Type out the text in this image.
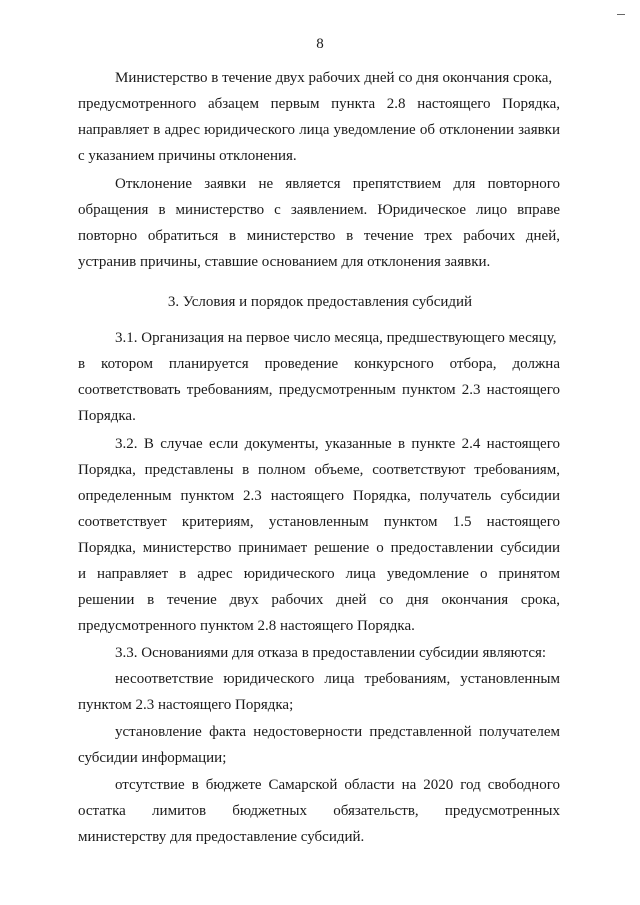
8
Министерство в течение двух рабочих дней со дня окончания срока,
предусмотренного абзацем первым пункта 2.8 настоящего Порядка,
направляет в адрес юридического лица уведомление об отклонении заявки
с указанием причины отклонения.
Отклонение заявки не является препятствием для повторного
обращения в министерство с заявлением. Юридическое лицо вправе
повторно обратиться в министерство в течение трех рабочих дней,
устранив причины, ставшие основанием для отклонения заявки.
3. Условия и порядок предоставления субсидий
3.1. Организация на первое число месяца, предшествующего месяцу,
в котором планируется проведение конкурсного отбора, должна
соответствовать требованиям, предусмотренным пунктом 2.3 настоящего
Порядка.
3.2. В случае если документы, указанные в пункте 2.4 настоящего
Порядка, представлены в полном объеме, соответствуют требованиям,
определенным пунктом 2.3 настоящего Порядка, получатель субсидии
соответствует критериям, установленным пунктом 1.5 настоящего
Порядка, министерство принимает решение о предоставлении субсидии
и направляет в адрес юридического лица уведомление о принятом
решении в течение двух рабочих дней со дня окончания срока,
предусмотренного пунктом 2.8 настоящего Порядка.
3.3. Основаниями для отказа в предоставлении субсидии являются:
несоответствие юридического лица требованиям, установленным
пунктом 2.3 настоящего Порядка;
установление факта недостоверности представленной получателем
субсидии информации;
отсутствие в бюджете Самарской области на 2020 год свободного
остатка лимитов бюджетных обязательств, предусмотренных
министерству для предоставление субсидий.
